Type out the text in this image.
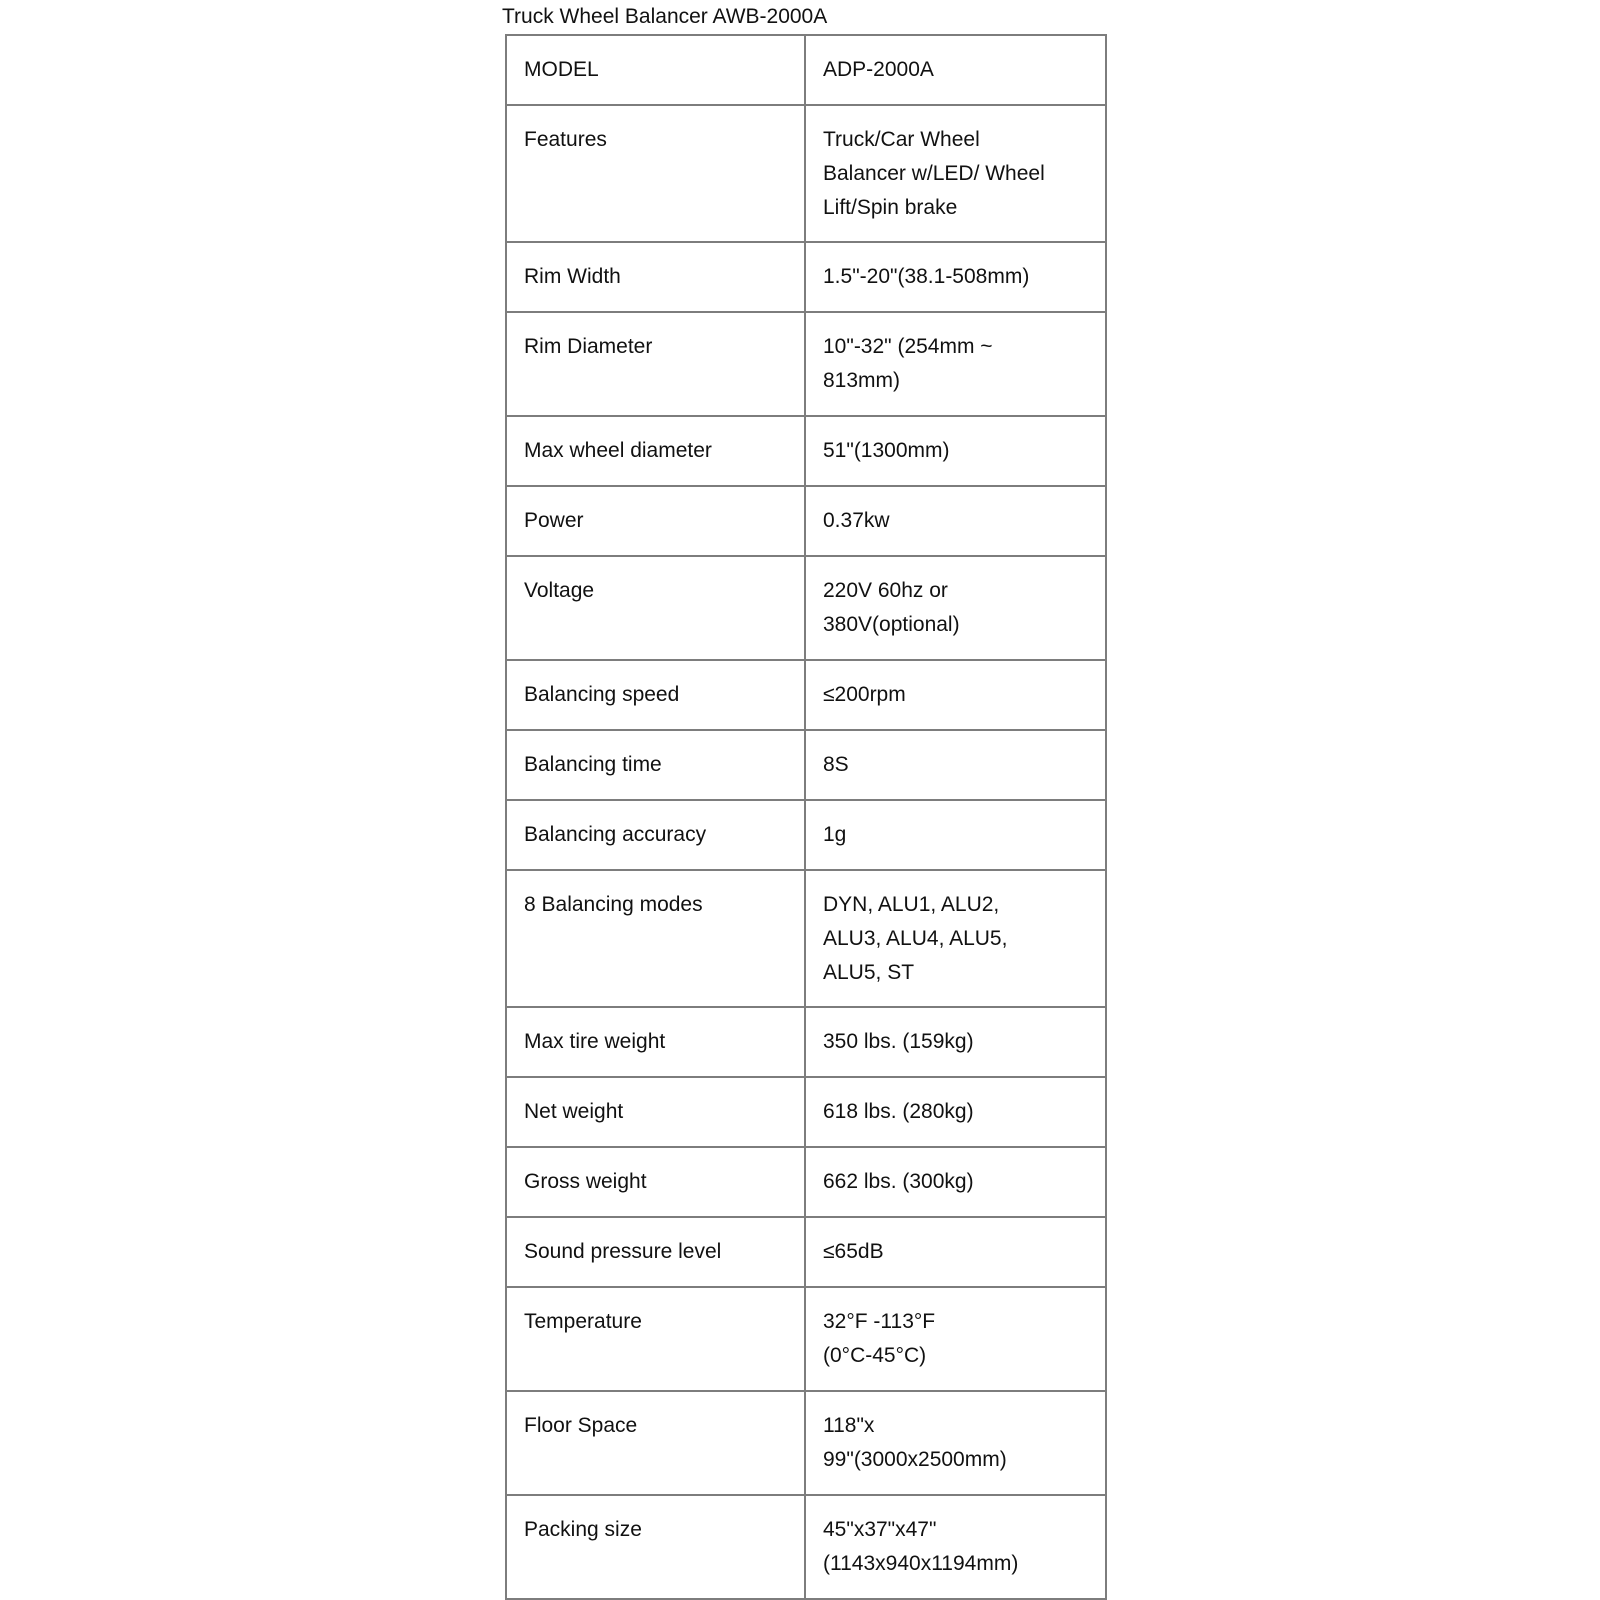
Truck Wheel Balancer AWB-2000A
MODEL	ADP-2000A

Features	Truck/Car Wheel
Balancer w/LED/ Wheel
Lift/Spin brake

Rim Width	1.5"-20"(38.1-508mm)

Rim Diameter	10"-32" (254mm ~
813mm)

Max wheel diameter	51"(1300mm)

Power	0.37kw

Voltage	220V 60hz or
380V(optional)

Balancing speed	≤200rpm

Balancing time	8S

Balancing accuracy	1g

8 Balancing modes	DYN, ALU1, ALU2,
ALU3, ALU4, ALU5,
ALU5, ST

Max tire weight	350 lbs. (159kg)

Net weight	618 lbs. (280kg)

Gross weight	662 lbs. (300kg)

Sound pressure level	≤65dB

Temperature	32°F -113°F
(0°C-45°C)

Floor Space	118"x
99"(3000x2500mm)

Packing size	45"x37"x47"
(1143x940x1194mm)
